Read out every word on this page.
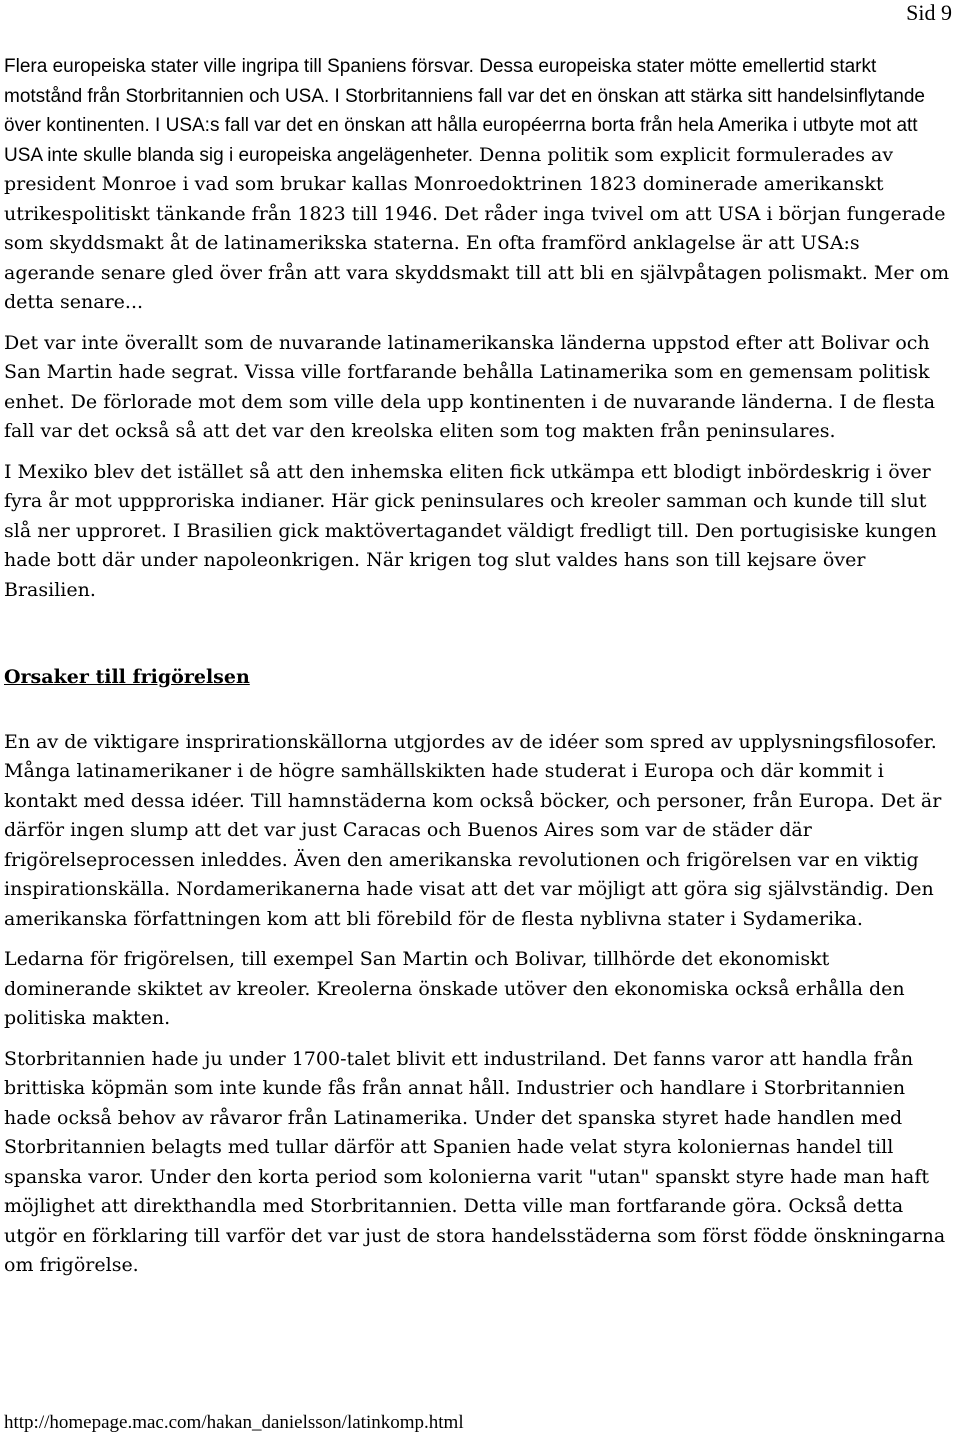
Sid 9

Flera europeiska stater ville ingripa till Spaniens försvar. Dessa europeiska stater mötte emellertid starkt motstånd från Storbritannien och USA. I Storbritanniens fall var det en önskan att stärka sitt handelsinflytande över kontinenten. I USA:s fall var det en önskan att hålla européerrna borta från hela Amerika i utbyte mot att USA inte skulle blanda sig i europeiska angelägenheter. Denna politik som explicit formulerades av president Monroe i vad som brukar kallas Monroedoktrinen 1823 dominerade amerikanskt utrikespolitiskt tänkande från 1823 till 1946. Det råder inga tvivel om att USA i början fungerade som skyddsmakt åt de latinamerikska staterna. En ofta framförd anklagelse är att USA:s agerande senare gled över från att vara skyddsmakt till att bli en självpåtagen polismakt. Mer om detta senare...

Det var inte överallt som de nuvarande latinamerikanska länderna uppstod efter att Bolivar och San Martin hade segrat. Vissa ville fortfarande behålla Latinamerika som en gemensam politisk enhet. De förlorade mot dem som ville dela upp kontinenten i de nuvarande länderna. I de flesta fall var det också så att det var den kreolska eliten som tog makten från peninsulares.

I Mexiko blev det istället så att den inhemska eliten fick utkämpa ett blodigt inbördeskrig i över fyra år mot uppproriska indianer. Här gick peninsulares och kreoler samman och kunde till slut slå ner upproret. I Brasilien gick maktövertagandet väldigt fredligt till. Den portugisiske kungen hade bott där under napoleonkrigen. När krigen tog slut valdes hans son till kejsare över Brasilien.

Orsaker till frigörelsen

En av de viktigare insprirationskällorna utgjordes av de idéer som spred av upplysningsfilosofer. Många latinamerikaner i de högre samhällskikten hade studerat i Europa och där kommit i kontakt med dessa idéer. Till hamnstäderna kom också böcker, och personer, från Europa. Det är därför ingen slump att det var just Caracas och Buenos Aires som var de städer där frigörelseprocessen inleddes. Även den amerikanska revolutionen och frigörelsen var en viktig inspirationskälla. Nordamerikanerna hade visat att det var möjligt att göra sig självständig. Den amerikanska författningen kom att bli förebild för de flesta nyblivna stater i Sydamerika.

Ledarna för frigörelsen, till exempel San Martin och Bolivar, tillhörde det ekonomiskt dominerande skiktet av kreoler. Kreolerna önskade utöver den ekonomiska också erhålla den politiska makten.

Storbritannien hade ju under 1700-talet blivit ett industriland. Det fanns varor att handla från brittiska köpmän som inte kunde fås från annat håll. Industrier och handlare i Storbritannien hade också behov av råvaror från Latinamerika. Under det spanska styret hade handlen med Storbritannien belagts med tullar därför att Spanien hade velat styra koloniernas handel till spanska varor. Under den korta period som kolonierna varit "utan" spanskt styre hade man haft möjlighet att direkthandla med Storbritannien. Detta ville man fortfarande göra. Också detta utgör en förklaring till varför det var just de stora handelsstäderna som först födde önskningarna om frigörelse.

http://homepage.mac.com/hakan_danielsson/latinkomp.html
